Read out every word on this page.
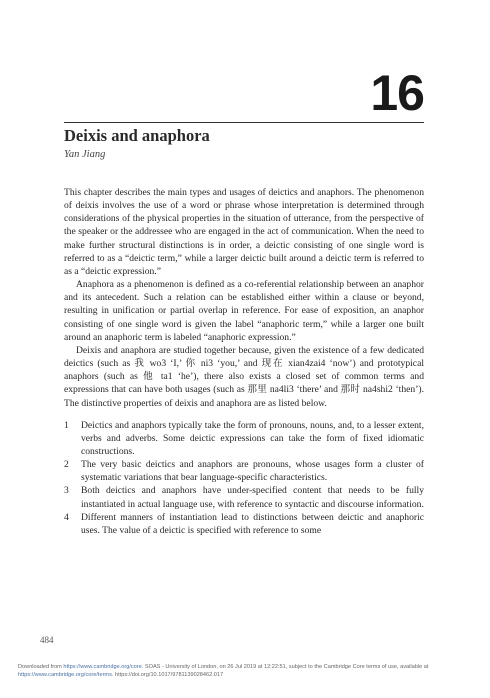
16
Deixis and anaphora
Yan Jiang

This chapter describes the main types and usages of deictics and anaphors. The phenomenon of deixis involves the use of a word or phrase whose interpretation is determined through considerations of the physical properties in the situation of utterance, from the perspective of the speaker or the addressee who are engaged in the act of communication. When the need to make further structural distinctions is in order, a deictic consisting of one single word is referred to as a “deictic term,” while a larger deictic built around a deictic term is referred to as a “deictic expression.”

Anaphora as a phenomenon is defined as a co-referential relationship between an anaphor and its antecedent. Such a relation can be established either within a clause or beyond, resulting in unification or partial overlap in reference. For ease of exposition, an anaphor consisting of one single word is given the label “anaphoric term,” while a larger one built around an anaphoric term is labeled “anaphoric expression.”

Deixis and anaphora are studied together because, given the existence of a few dedicated deictics (such as 我 wo3 ‘I,’ 你 ni3 ‘you,’ and 现在 xian4zai4 ‘now’) and prototypical anaphors (such as 他 ta1 ‘he’), there also exists a closed set of common terms and expressions that can have both usages (such as 那里 na4li3 ‘there’ and 那时 na4shi2 ‘then’). The distinctive properties of deixis and anaphora are as listed below.

1 Deictics and anaphors typically take the form of pronouns, nouns, and, to a lesser extent, verbs and adverbs. Some deictic expressions can take the form of fixed idiomatic constructions.
2 The very basic deictics and anaphors are pronouns, whose usages form a cluster of systematic variations that bear language-specific characteristics.
3 Both deictics and anaphors have under-specified content that needs to be fully instantiated in actual language use, with reference to syntactic and discourse information.
4 Different manners of instantiation lead to distinctions between deictic and anaphoric uses. The value of a deictic is specified with reference to some
484
Downloaded from https://www.cambridge.org/core. SOAS - University of London, on 26 Jul 2019 at 12:22:51, subject to the Cambridge Core terms of use, available at https://www.cambridge.org/core/terms. https://doi.org/10.1017/9781139028462.017
